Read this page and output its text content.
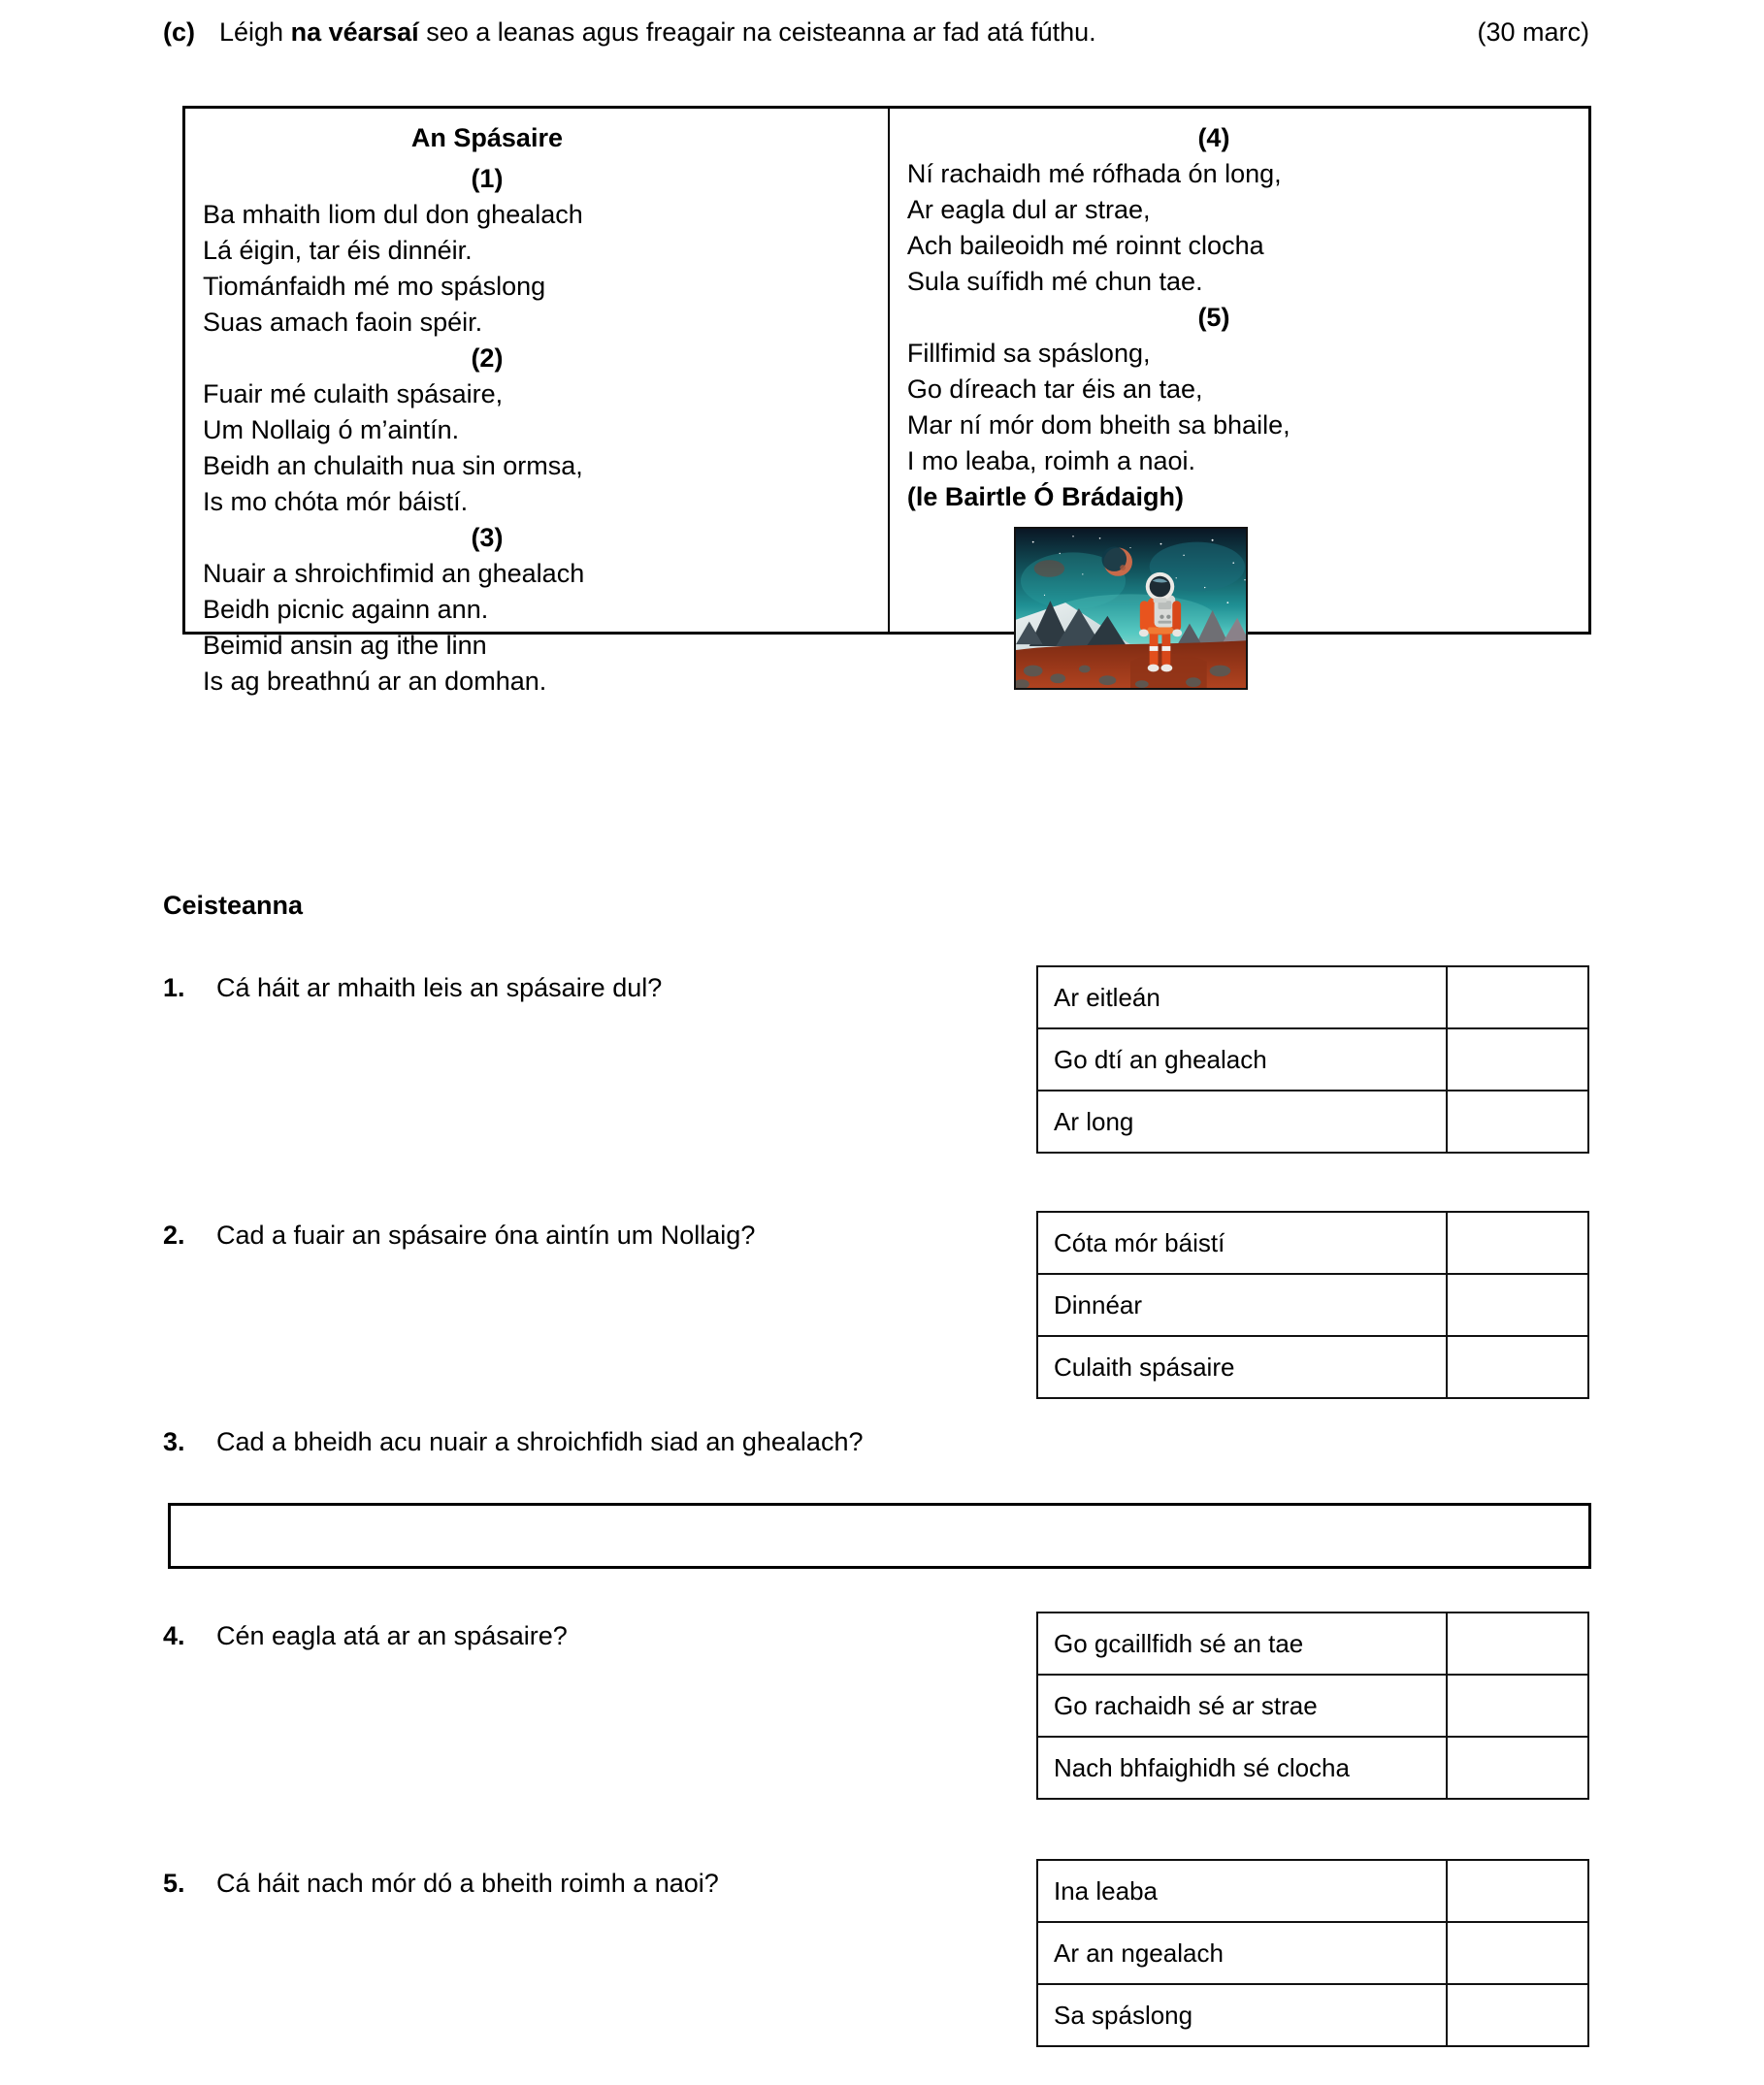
(c) Léigh na véarsaí seo a leanas agus freagair na ceisteanna ar fad atá fúthu.	(30 marc)
An Spásaire
(1)
Ba mhaith liom dul don ghealach
Lá éigin, tar éis dinnéir.
Tiománfaidh mé mo spáslong
Suas amach faoin spéir.
(2)
Fuair mé culaith spásaire,
Um Nollaig ó m’aintín.
Beidh an chulaith nua sin ormsa,
Is mo chóta mór báistí.
(3)
Nuair a shroichfimid an ghealach
Beidh picnic againn ann.
Beimid ansin ag ithe linn
Is ag breathnú ar an domhan.
(4)
Ní rachaidh mé rófhada ón long,
Ar eagla dul ar strae,
Ach baileoidh mé roinnt clocha
Sula suífidh mé chun tae.
(5)
Fillfimid sa spáslong,
Go díreach tar éis an tae,
Mar ní mór dom bheith sa bhaile,
I mo leaba, roimh a naoi.
(le Bairtle Ó Brádaigh)
Ceisteanna
1.	Cá háit ar mhaith leis an spásaire dul?	Ar eitleán	
Go dtí an ghealach	
Ar long	
2.	Cad a fuair an spásaire óna aintín um Nollaig?	Cóta mór báistí	
Dinnéar	
Culaith spásaire	
3.	Cad a bheidh acu nuair a shroichfidh siad an ghealach?
4.	Cén eagla atá ar an spásaire?	Go gcaillfidh sé an tae	
Go rachaidh sé ar strae	
Nach bhfaighidh sé clocha	
5.	Cá háit nach mór dó a bheith roimh a naoi?	Ina leaba	
Ar an ngealach	
Sa spáslong	
